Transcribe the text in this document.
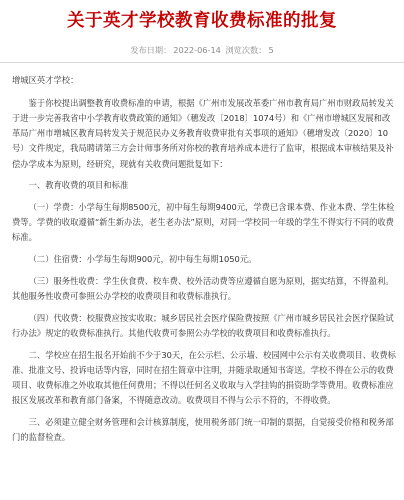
关于英才学校教育收费标准的批复
发布日期： 2022-06-14 浏览次数： 5

增城区英才学校：

鉴于你校提出调整教育收费标准的申请，根据《广州市发展改革委广州市教育局广州市财政局转发关于进一步完善我省中小学教育收费政策的通知》（穗发改〔2018〕1074号）和《广州市增城区发展和改革局广州市增城区教育局转发关于规范民办义务教育收费审批有关事项的通知》（穗增发改〔2020〕10号）文件规定，我局聘请第三方会计师事务所对你校的教育培养成本进行了监审，根据成本审核结果及补偿办学成本为原则，经研究，现就有关收费问题批复如下：

一、教育收费的项目和标准

（一）学费：小学每生每期8500元，初中每生每期9400元，学费已含课本费、作业本费、学生体检费等。学费的收取遵循“新生新办法，老生老办法”原则，对同一学校同一年级的学生不得实行不同的收费标准。

（二）住宿费：小学每生每期900元，初中每生每期1050元。

（三）服务性收费：学生伙食费、校车费、校外活动费等应遵循自愿为原则，据实结算，不得盈利。其他服务性收费可参照公办学校的收费项目和收费标准执行。

（四）代收费：校服费应按实收取；城乡居民社会医疗保险费按照《广州市城乡居民社会医疗保险试行办法》规定的收费标准执行。其他代收费可参照公办学校的收费项目和收费标准执行。

二、学校应在招生报名开始前不少于30天，在公示栏、公示墙、校园网中公示有关收费项目、收费标准、批准文号、投诉电话等内容，同时在招生简章中注明，并随录取通知书寄送。学校不得在公示的收费项目、收费标准之外收取其他任何费用；不得以任何名义收取与入学挂钩的捐资助学等费用。收费标准应报区发展改革和教育部门备案，不得随意改动。收费项目不得与公示不符的，不得收费。

三、必须建立健全财务管理和会计核算制度，使用税务部门统一印制的票据，自觉接受价格和税务部门的监督检查。
